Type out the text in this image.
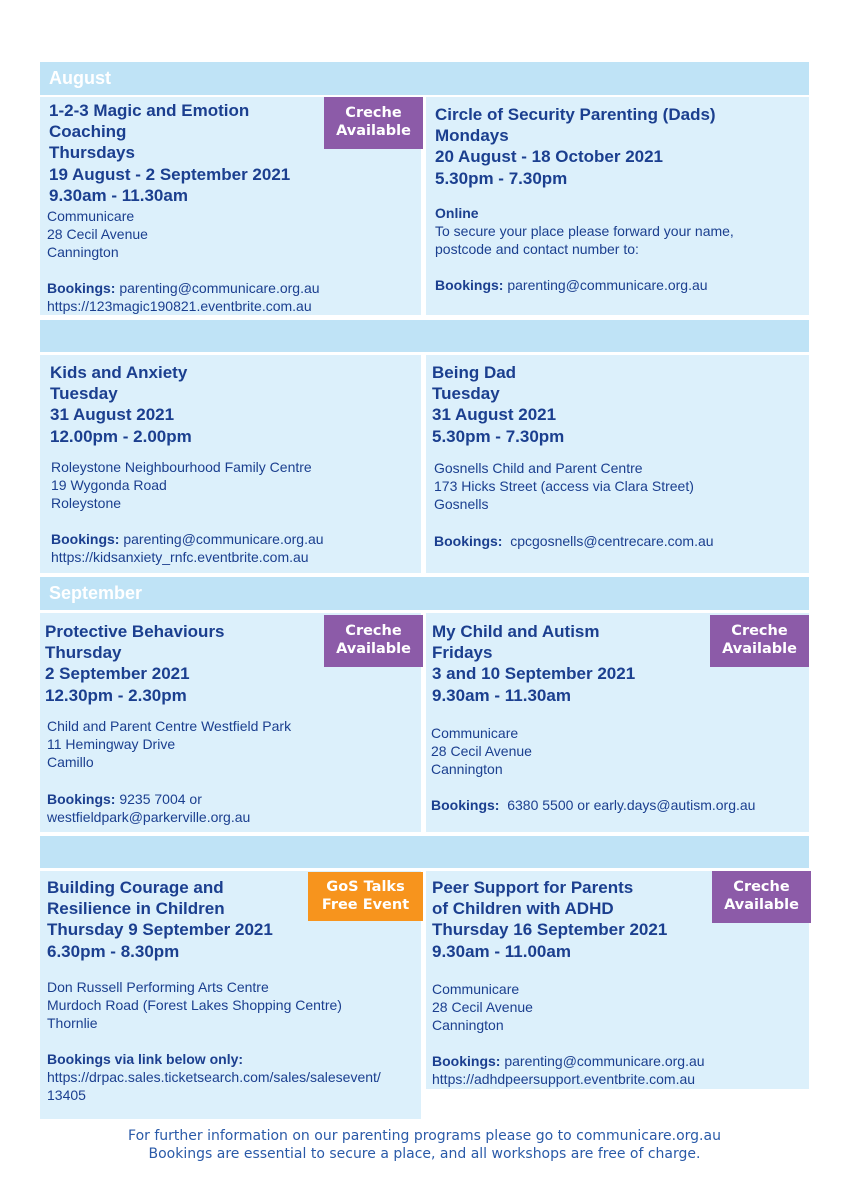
August
1-2-3 Magic and Emotion
Coaching
Thursdays
19 August - 2 September 2021
9.30am - 11.30am
Creche
Available
Communicare
28 Cecil Avenue
Cannington
Bookings: parenting@communicare.org.au
https://123magic190821.eventbrite.com.au
Circle of Security Parenting (Dads)
Mondays
20 August - 18 October 2021
5.30pm - 7.30pm
Online
To secure your place please forward your name,
postcode and contact number to:
Bookings: parenting@communicare.org.au
Kids and Anxiety
Tuesday
31 August 2021
12.00pm - 2.00pm
Roleystone Neighbourhood Family Centre
19 Wygonda Road
Roleystone
Bookings: parenting@communicare.org.au
https://kidsanxiety_rnfc.eventbrite.com.au
Being Dad
Tuesday
31 August 2021
5.30pm - 7.30pm
Gosnells Child and Parent Centre
173 Hicks Street (access via Clara Street)
Gosnells
Bookings: cpcgosnells@centrecare.com.au
September
Protective Behaviours
Thursday
2 September 2021
12.30pm - 2.30pm
Creche
Available
Child and Parent Centre Westfield Park
11 Hemingway Drive
Camillo
Bookings: 9235 7004 or
westfieldpark@parkerville.org.au
My Child and Autism
Fridays
3 and 10 September 2021
9.30am - 11.30am
Creche
Available
Communicare
28 Cecil Avenue
Cannington
Bookings: 6380 5500 or early.days@autism.org.au
Building Courage and
Resilience in Children
Thursday 9 September 2021
6.30pm - 8.30pm
GoS Talks
Free Event
Don Russell Performing Arts Centre
Murdoch Road (Forest Lakes Shopping Centre)
Thornlie
Bookings via link below only:
https://drpac.sales.ticketsearch.com/sales/salesevent/
13405
Peer Support for Parents
of Children with ADHD
Thursday 16 September 2021
9.30am - 11.00am
Creche
Available
Communicare
28 Cecil Avenue
Cannington
Bookings: parenting@communicare.org.au
https://adhdpeersupport.eventbrite.com.au
For further information on our parenting programs please go to communicare.org.au
Bookings are essential to secure a place, and all workshops are free of charge.
